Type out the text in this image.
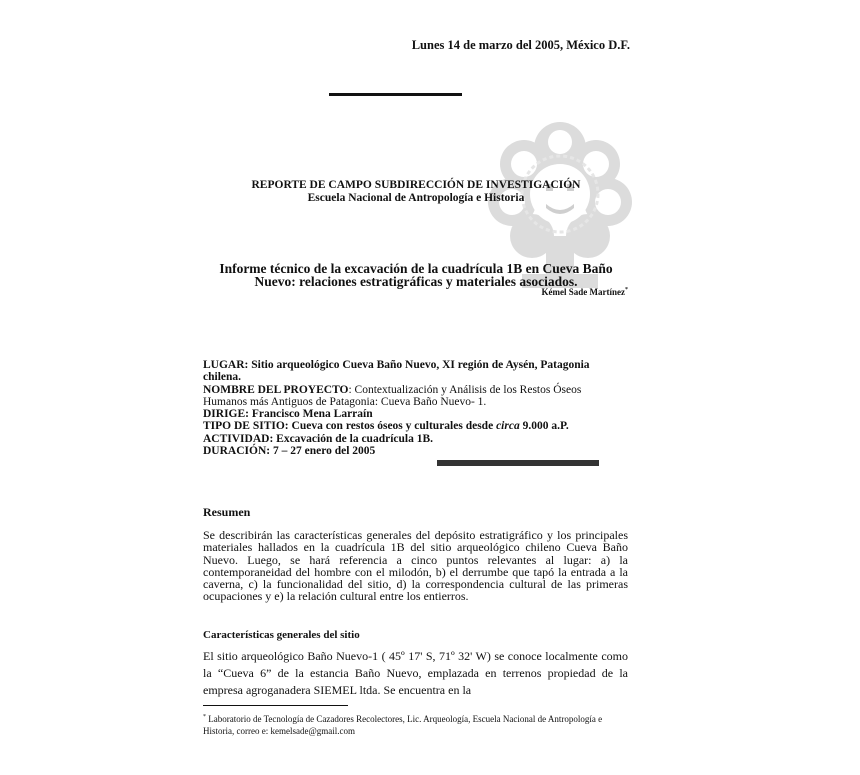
Lunes 14 de marzo del 2005, México D.F.
REPORTE DE CAMPO SUBDIRECCIÓN DE INVESTIGACIÓN
Escuela Nacional de Antropología e Historia
Informe técnico de la excavación de la cuadrícula 1B en Cueva Baño
Nuevo: relaciones estratigráficas y materiales asociados.
Kémel Sade Martínez*

LUGAR: Sitio arqueológico Cueva Baño Nuevo, XI región de Aysén, Patagonia chilena.

NOMBRE DEL PROYECTO: Contextualización y Análisis de los Restos Óseos Humanos más Antiguos de Patagonia: Cueva Baño Nuevo- 1.

DIRIGE: Francisco Mena Larraín

TIPO DE SITIO: Cueva con restos óseos y culturales desde circa 9.000 a.P.

ACTIVIDAD: Excavación de la cuadrícula 1B.

DURACIÓN: 7 – 27 enero del 2005

Resumen
Se describirán las características generales del depósito estratigráfico y los principales materiales hallados en la cuadrícula 1B del sitio arqueológico chileno Cueva Baño Nuevo. Luego, se hará referencia a cinco puntos relevantes al lugar: a) la contemporaneidad del hombre con el milodón, b) el derrumbe que tapó la entrada a la caverna, c) la funcionalidad del sitio, d) la correspondencia cultural de las primeras ocupaciones y e) la relación cultural entre los entierros.
Características generales del sitio
El sitio arqueológico Baño Nuevo-1 ( 45º 17' S, 71º 32' W) se conoce localmente como la “Cueva 6” de la estancia Baño Nuevo, emplazada en terrenos propiedad de la empresa agroganadera SIEMEL ltda. Se encuentra en la
* Laboratorio de Tecnología de Cazadores Recolectores, Lic. Arqueología, Escuela Nacional de Antropología e Historia, correo e: kemelsade@gmail.com
